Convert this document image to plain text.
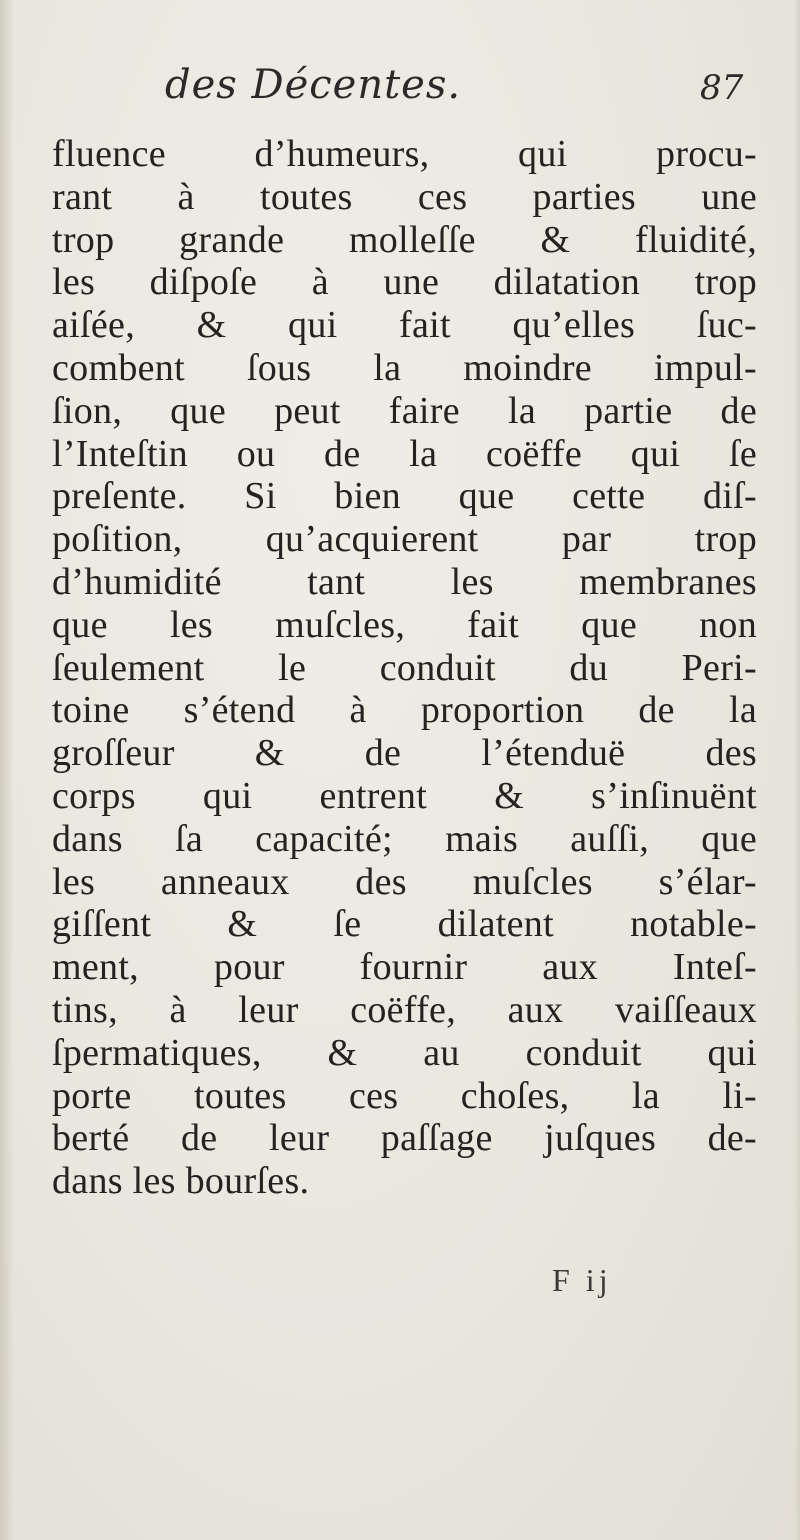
des Décentes.	87
fluence d’humeurs, qui procu-
rant à toutes ces parties une
trop grande molleſſe & fluidité,
les diſpoſe à une dilatation trop
aiſée, & qui fait qu’elles ſuc-
combent ſous la moindre impul-
ſion, que peut faire la partie de
l’Inteſtin ou de la coëffe qui ſe
preſente. Si bien que cette diſ-
poſition, qu’acquierent par trop
d’humidité tant les membranes
que les muſcles, fait que non
ſeulement le conduit du Peri-
toine s’étend à proportion de la
groſſeur & de l’étenduë des
corps qui entrent & s’inſinuënt
dans ſa capacité; mais auſſi, que
les anneaux des muſcles s’élar-
giſſent & ſe dilatent notable-
ment, pour fournir aux Inteſ-
tins, à leur coëffe, aux vaiſſeaux
ſpermatiques, & au conduit qui
porte toutes ces choſes, la li-
berté de leur paſſage juſques de-
dans les bourſes.
F ij
